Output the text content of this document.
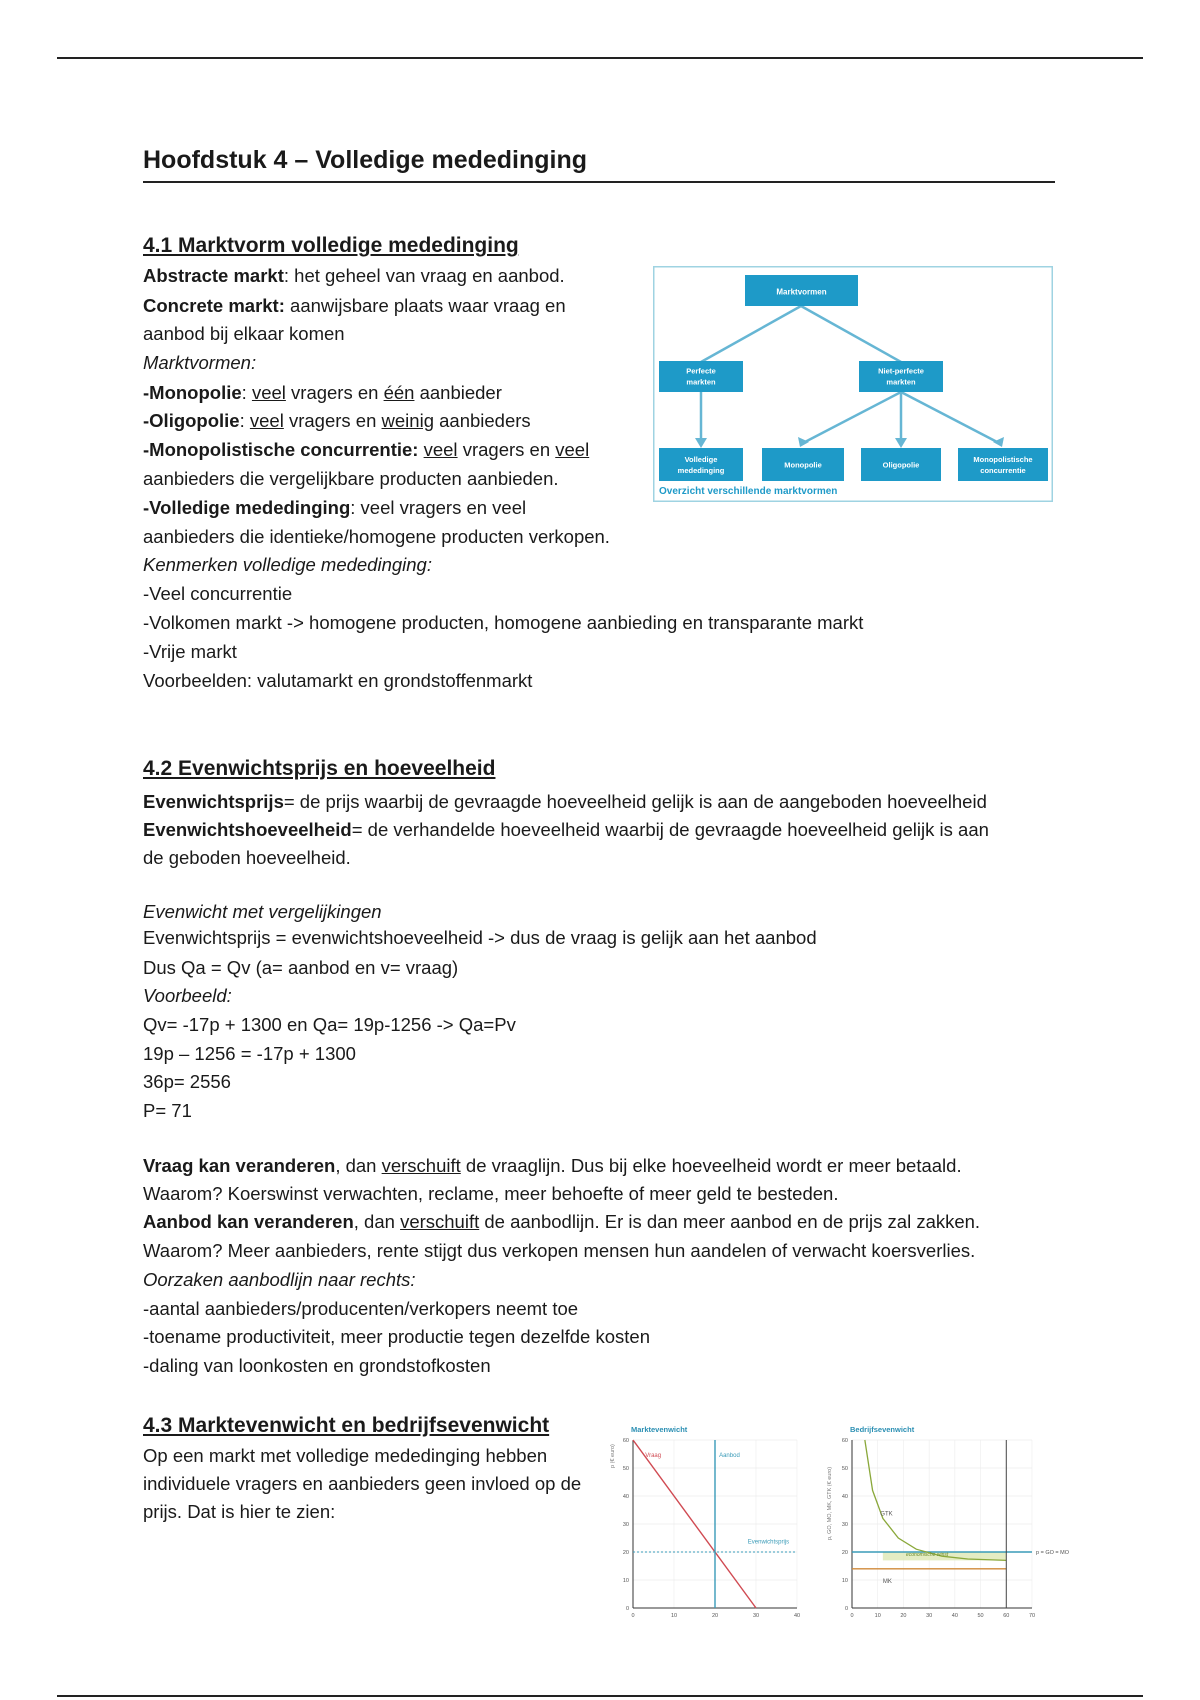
Hoofdstuk 4 – Volledige mededinging
4.1 Marktvorm volledige mededinging
Abstracte markt: het geheel van vraag en aanbod.
Concrete markt: aanwijsbare plaats waar vraag en
aanbod bij elkaar komen
Marktvormen:
-Monopolie: veel vragers en één aanbieder
-Oligopolie: veel vragers en weinig aanbieders
-Monopolistische concurrentie: veel vragers en veel
aanbieders die vergelijkbare producten aanbieden.
-Volledige mededinging: veel vragers en veel
aanbieders die identieke/homogene producten verkopen.
Kenmerken volledige mededinging:
-Veel concurrentie
-Volkomen markt -> homogene producten, homogene aanbieding en transparante markt
-Vrije markt
Voorbeelden: valutamarkt en grondstoffenmarkt
Marktvormen
Perfecte
markten
Niet-perfecte
markten
Volledige
mededinging
Monopolie	Oligopolie
Monopolistische
concurrentie
Overzicht verschillende marktvormen
4.2 Evenwichtsprijs en hoeveelheid
Evenwichtsprijs= de prijs waarbij de gevraagde hoeveelheid gelijk is aan de aangeboden hoeveelheid
Evenwichtshoeveelheid= de verhandelde hoeveelheid waarbij de gevraagde hoeveelheid gelijk is aan
de geboden hoeveelheid.
Evenwicht met vergelijkingen
Evenwichtsprijs = evenwichtshoeveelheid -> dus de vraag is gelijk aan het aanbod
Dus Qa = Qv (a= aanbod en v= vraag)
Voorbeeld:
Qv= -17p + 1300 en Qa= 19p-1256 -> Qa=Pv
19p – 1256 = -17p + 1300
36p= 2556
P= 71
Vraag kan veranderen, dan verschuift de vraaglijn. Dus bij elke hoeveelheid wordt er meer betaald.
Waarom? Koerswinst verwachten, reclame, meer behoefte of meer geld te besteden.
Aanbod kan veranderen, dan verschuift de aanbodlijn. Er is dan meer aanbod en de prijs zal zakken.
Waarom? Meer aanbieders, rente stijgt dus verkopen mensen hun aandelen of verwacht koersverlies.
Oorzaken aanbodlijn naar rechts:
-aantal aanbieders/producenten/verkopers neemt toe
-toename productiviteit, meer productie tegen dezelfde kosten
-daling van loonkosten en grondstofkosten
4.3 Marktevenwicht en bedrijfsevenwicht
Op een markt met volledige mededinging hebben individuele vragers en aanbieders geen invloed op de prijs. Dat is hier te zien:
Marktevenwicht
p (€ euro)
0
10
20
30
40
50
60
0	10	20	30	40
Vraag	Aanbod
Evenwichtsprijs
Bedrijfsevenwicht
p, GO, MO, MK, GTK (€ euro)
0
10
20
30
40
50
60
0	10	20	30	40	50	60	70
GTK
MK
p = GO = MO
economische winst
